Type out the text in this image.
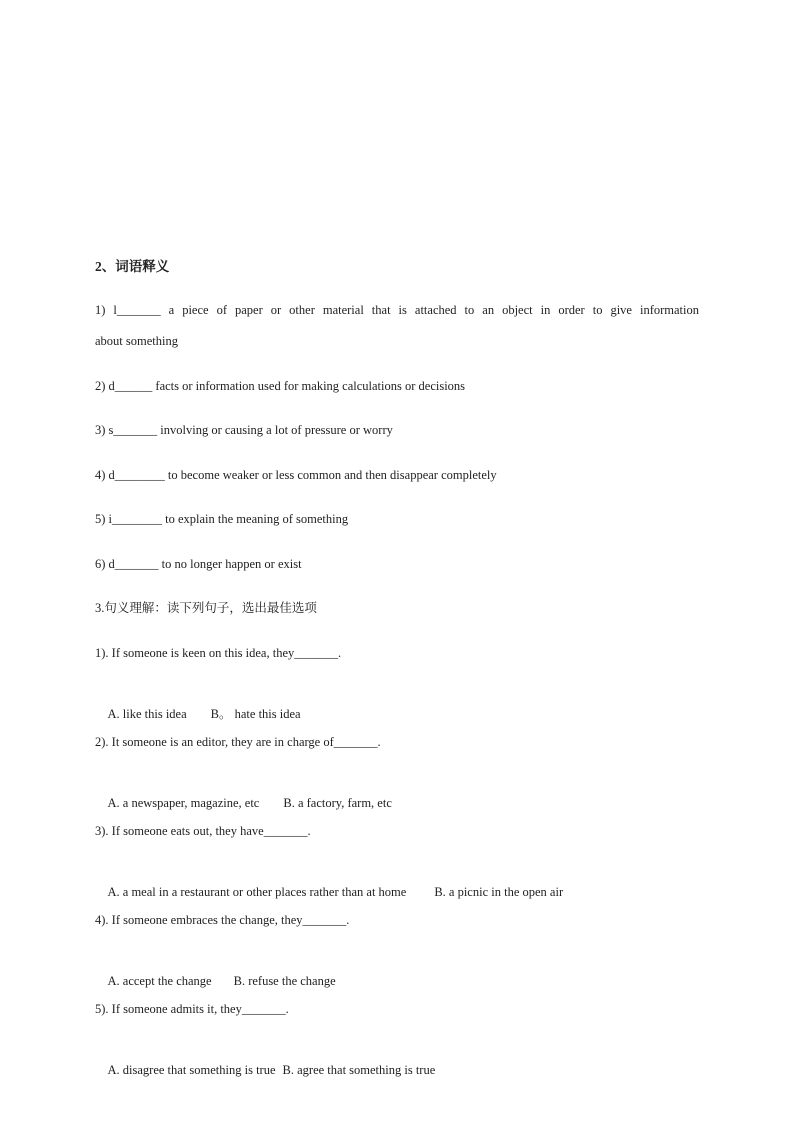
2、词语释义
1) l_______ a piece of paper or other material that is attached to an object in order to give information
about something
2) d______ facts or information used for making calculations or decisions
3) s_______ involving or causing a lot of pressure or worry
4) d________ to become weaker or less common and then disappear completely
5) i________ to explain the meaning of something
6) d_______ to no longer happen or exist
3.句义理解：读下列句子，选出最佳选项
1). If someone is keen on this idea, they_______.

A. like this idea B。 hate this idea

2). It someone is an editor, they are in charge of_______.

A. a newspaper, magazine, etc B. a factory, farm, etc

3). If someone eats out, they have_______.

A. a meal in a restaurant or other places rather than at home B. a picnic in the open air

4). If someone embraces the change, they_______.

A. accept the change B. refuse the change

5). If someone admits it, they_______.

A. disagree that something is true B. agree that something is true
